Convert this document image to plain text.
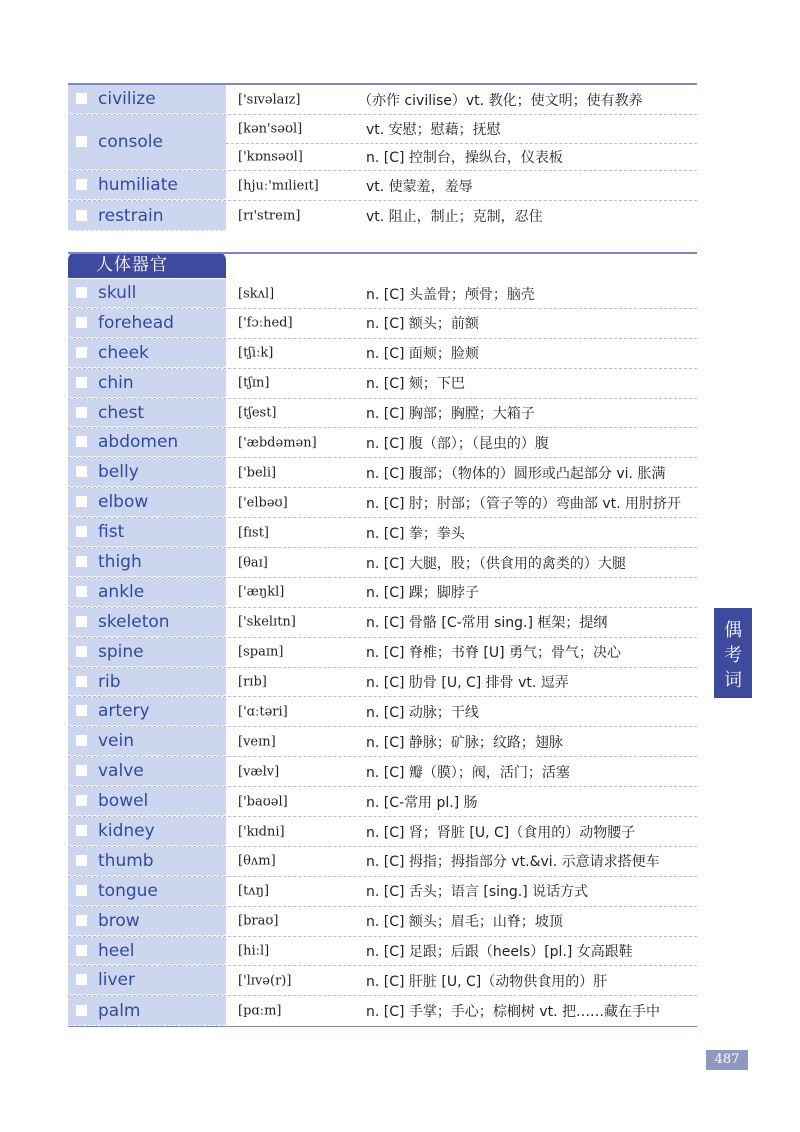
civilize	['sɪvəlaɪz]	（亦作 civilise）vt. 教化；使文明；使有教养
console
[kən'səʊl]	vt. 安慰；慰藉；抚慰
['kɒnsəʊl]	n. [C] 控制台，操纵台，仪表板
humiliate	[hjuː'mɪlieɪt]	vt. 使蒙羞，羞辱
restrain	[rɪ'streɪn]	vt. 阻止，制止；克制，忍住
人体器官
skull	[skʌl]	n. [C] 头盖骨；颅骨；脑壳
forehead	['fɔːhed]	n. [C] 额头；前额
cheek	[tʃiːk]	n. [C] 面颊；脸颊
chin	[tʃɪn]	n. [C] 颏；下巴
chest	[tʃest]	n. [C] 胸部；胸膛；大箱子
abdomen	['æbdəmən]	n. [C] 腹（部）；（昆虫的）腹
belly	['beli]	n. [C] 腹部；（物体的）圆形或凸起部分 vi. 胀满
elbow	['elbəʊ]	n. [C] 肘；肘部；（管子等的）弯曲部 vt. 用肘挤开
fist	[fɪst]	n. [C] 拳；拳头
thigh	[θaɪ]	n. [C] 大腿，股；（供食用的禽类的）大腿
ankle	['æŋkl]	n. [C] 踝；脚脖子
skeleton	['skelɪtn]	n. [C] 骨骼 [C-常用 sing.] 框架；提纲
spine	[spaɪn]	n. [C] 脊椎；书脊 [U] 勇气；骨气；决心
rib	[rɪb]	n. [C] 肋骨 [U, C] 排骨 vt. 逗弄
artery	['ɑːtəri]	n. [C] 动脉；干线
vein	[veɪn]	n. [C] 静脉；矿脉；纹路；翅脉
valve	[vælv]	n. [C] 瓣（膜）；阀，活门；活塞
bowel	['baʊəl]	n. [C-常用 pl.] 肠
kidney	['kɪdni]	n. [C] 肾；肾脏 [U, C]（食用的）动物腰子
thumb	[θʌm]	n. [C] 拇指；拇指部分 vt.&vi. 示意请求搭便车
tongue	[tʌŋ]	n. [C] 舌头；语言 [sing.] 说话方式
brow	[braʊ]	n. [C] 额头；眉毛；山脊；坡顶
heel	[hiːl]	n. [C] 足跟；后跟（heels）[pl.] 女高跟鞋
liver	['lɪvə(r)]	n. [C] 肝脏 [U, C]（动物供食用的）肝
palm	[pɑːm]	n. [C] 手掌；手心；棕榈树 vt. 把……藏在手中
偶
考
词
487
